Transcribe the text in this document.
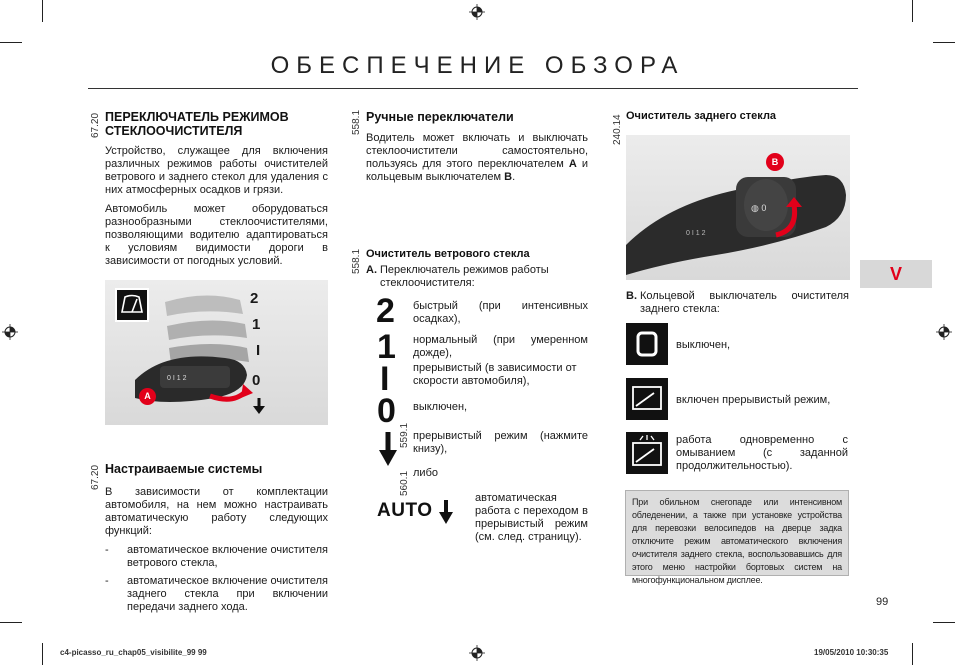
ОБЕСПЕЧЕНИЕ ОБЗОРА
67.20 ПЕРЕКЛЮЧАТЕЛЬ РЕЖИМОВ СТЕКЛООЧИСТИТЕЛЯ

Устройство, служащее для включения различных режимов работы очистителей ветрового и заднего стекол для удаления с них атмосферных осадков и грязи.

Автомобиль может оборудоваться разнообразными стеклоочистителями, позволяющими водителю адаптироваться к условиям видимости дороги в зависимости от погодных условий.

0 I 1 2
2
1
I
0
A
67.20 Настраиваемые системы

В зависимости от комплектации автомобиля, на нем можно настраивать автоматическую работу следующих функций:

- автоматическое включение очистителя ветрового стекла,
- автоматическое включение очистителя заднего стекла при включении передачи заднего хода.
558.1 Ручные переключатели

Водитель может включать и выключать стеклоочистители самостоятельно, пользуясь для этого переключателем A и кольцевым выключателем B.

558.1 Очиститель ветрового стекла
A. Переключатель режимов работы стеклоочистителя:
2 быстрый (при интенсивных осадках),
1 нормальный (при умеренном дожде),
I прерывистый (в зависимости от скорости автомобиля),
0 выключен,
559.1 прерывистый режим (нажмите книзу),
560.1 либо
AUTO
автоматическая работа с переходом в прерывистый режим (см. след. страницу).
240.14 Очиститель заднего стекла
◍ 0
0 I 1 2
B
B. Кольцевой выключатель очистителя заднего стекла:
выключен,
включен прерывистый режим,
работа одновременно с омыванием (с заданной продолжительностью).
При обильном снегопаде или интенсивном обледенении, а также при установке устройства для перевозки велосипедов на дверце задка отключите режим автоматического включения очистителя заднего стекла, воспользовавшись для этого меню настройки бортовых систем на многофункциональном дисплее.
V
99
c4-picasso_ru_chap05_visibilite_99 99	19/05/2010 10:30:35
